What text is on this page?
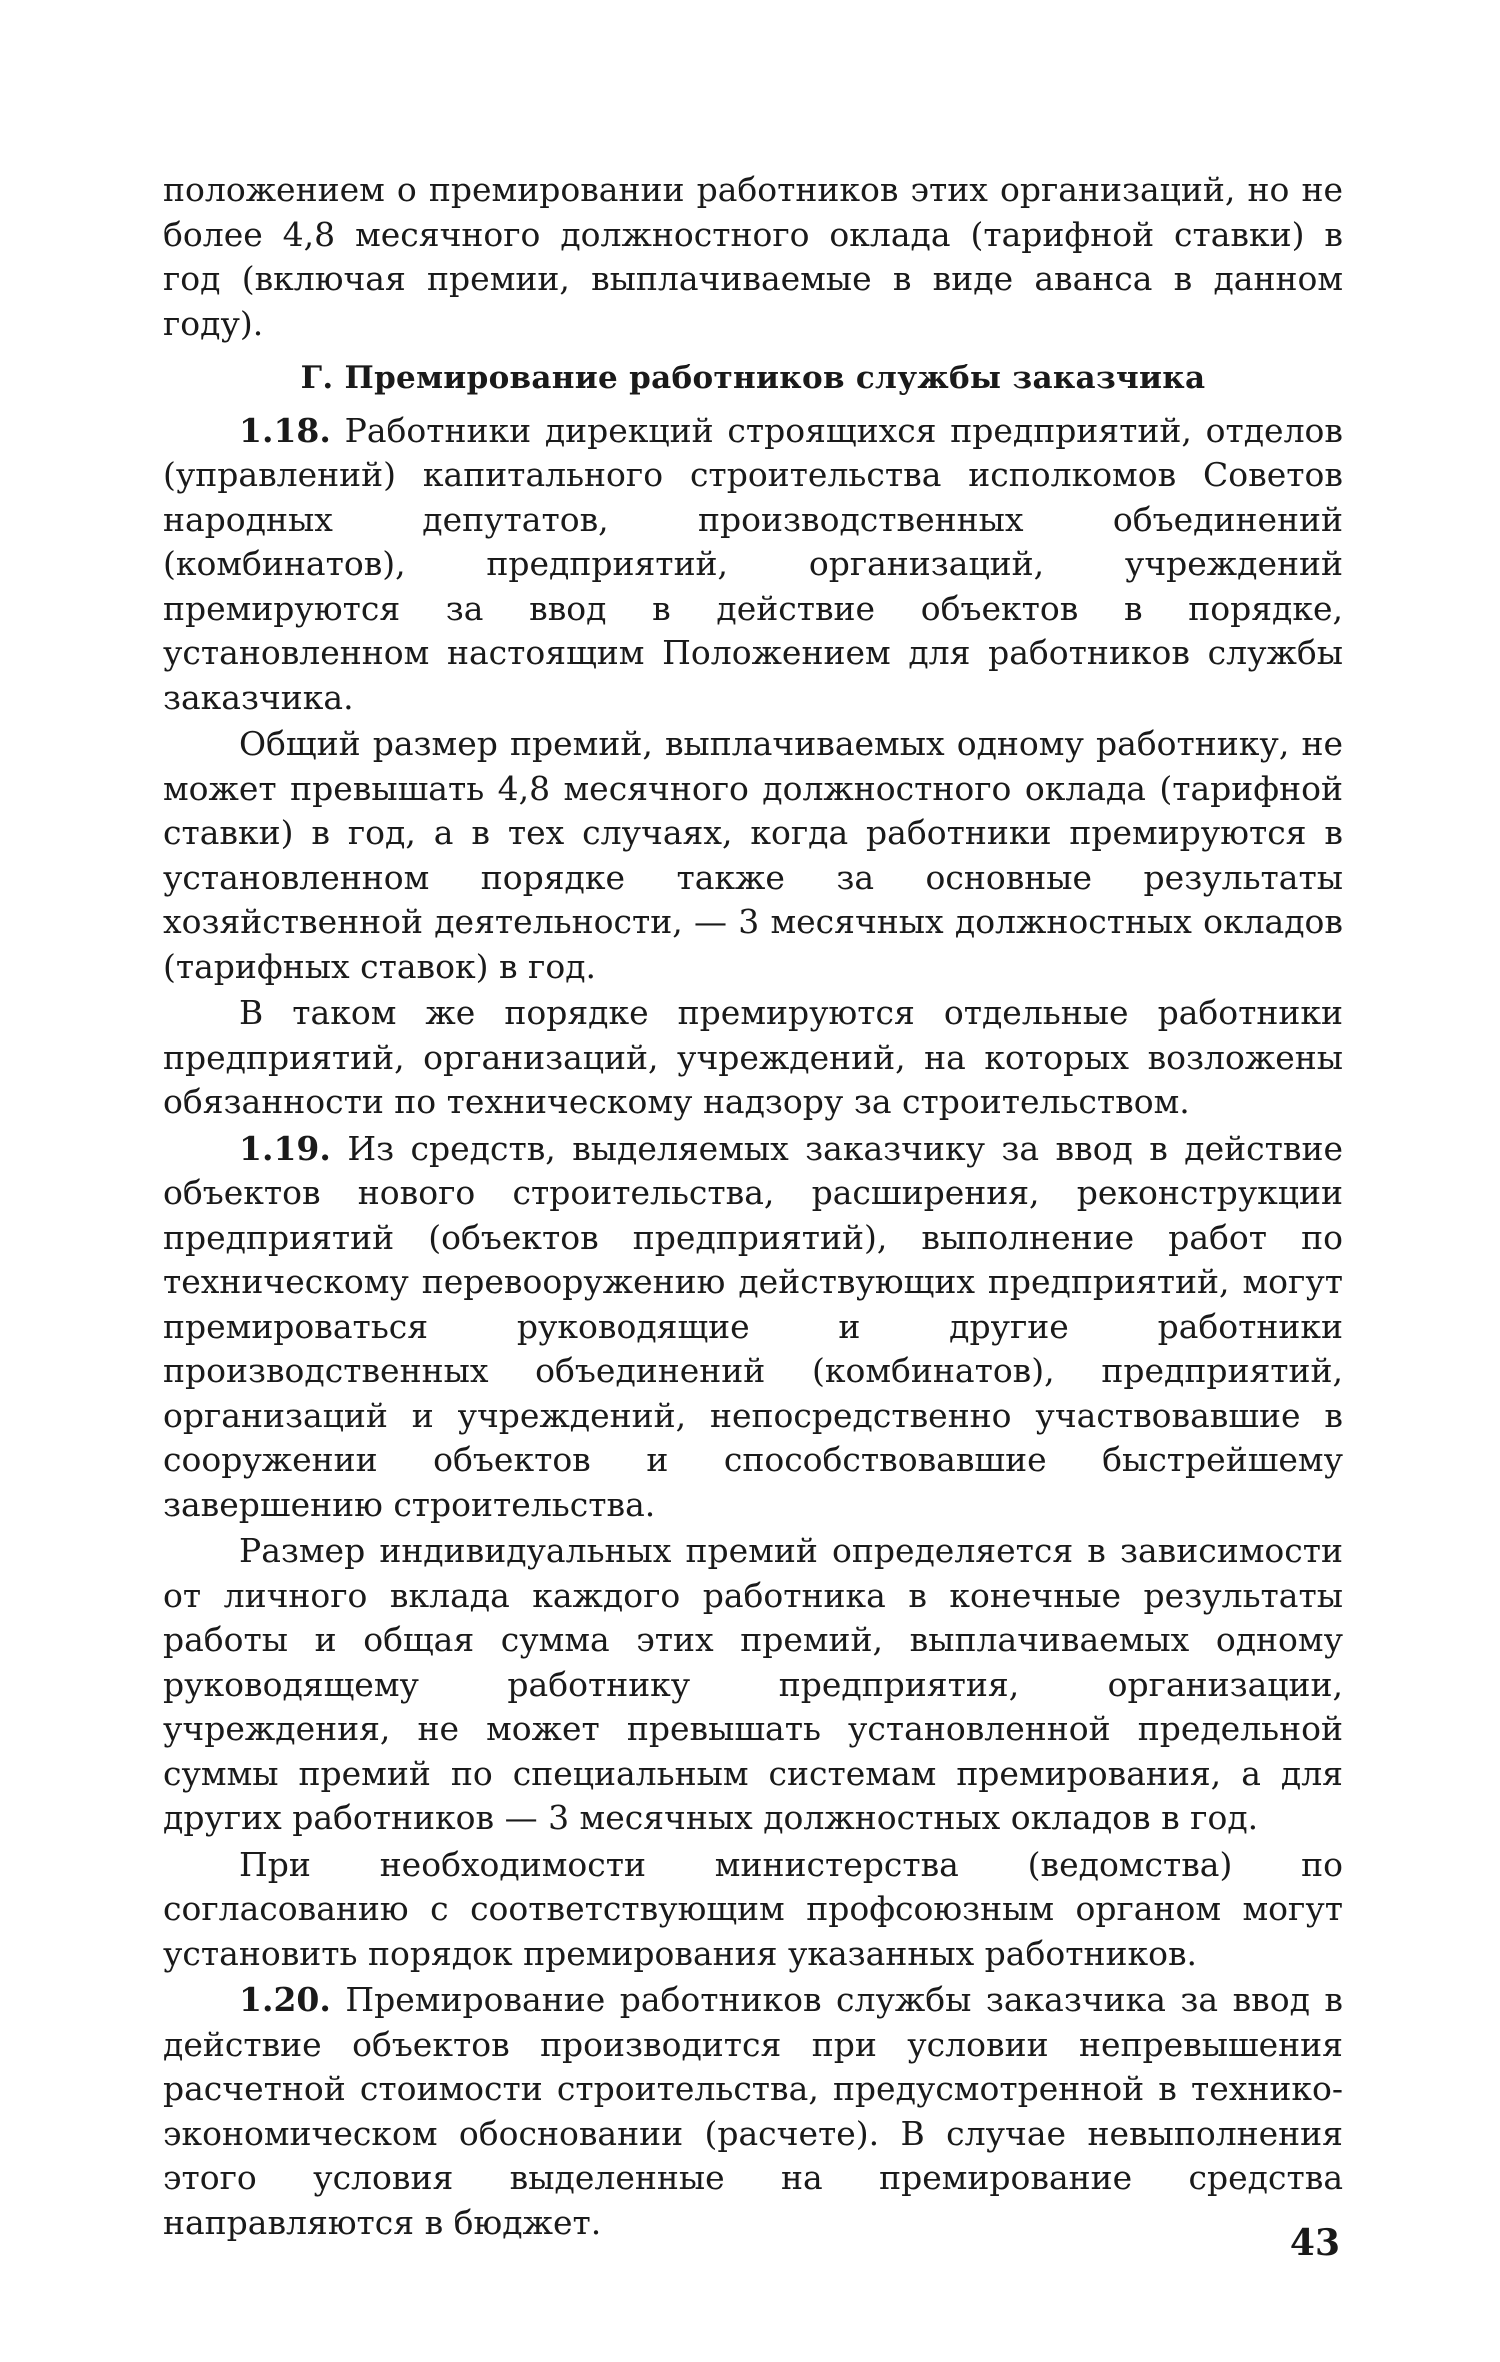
положением о премировании работников этих организаций, но не более 4,8 месячного должностного оклада (тарифной ставки) в год (включая премии, выплачиваемые в виде аванса в данном году).

Г. Премирование работников службы заказчика

1.18. Работники дирекций строящихся предприятий, отделов (управлений) капитального строительства исполкомов Советов народных депутатов, производственных объединений (комбинатов), предприятий, организаций, учреждений премируются за ввод в действие объектов в порядке, установленном настоящим Положением для работников службы заказчика.

Общий размер премий, выплачиваемых одному работнику, не может превышать 4,8 месячного должностного оклада (тарифной ставки) в год, а в тех случаях, когда работники премируются в установленном порядке также за основные результаты хозяйственной деятельности, — 3 месячных должностных окладов (тарифных ставок) в год.

В таком же порядке премируются отдельные работники предприятий, организаций, учреждений, на которых возложены обязанности по техническому надзору за строительством.

1.19. Из средств, выделяемых заказчику за ввод в действие объектов нового строительства, расширения, реконструкции предприятий (объектов предприятий), выполнение работ по техническому перевооружению действующих предприятий, могут премироваться руководящие и другие работники производственных объединений (комбинатов), предприятий, организаций и учреждений, непосредственно участвовавшие в сооружении объектов и способствовавшие быстрейшему завершению строительства.

Размер индивидуальных премий определяется в зависимости от личного вклада каждого работника в конечные результаты работы и общая сумма этих премий, выплачиваемых одному руководящему работнику предприятия, организации, учреждения, не может превышать установленной предельной суммы премий по специальным системам премирования, а для других работников — 3 месячных должностных окладов в год.

При необходимости министерства (ведомства) по согласованию с соответствующим профсоюзным органом могут установить порядок премирования указанных работников.

1.20. Премирование работников службы заказчика за ввод в действие объектов производится при условии непревышения расчетной стоимости строительства, предусмотренной в технико-экономическом обосновании (расчете). В случае невыполнения этого условия выделенные на премирование средства направляются в бюджет.	43
